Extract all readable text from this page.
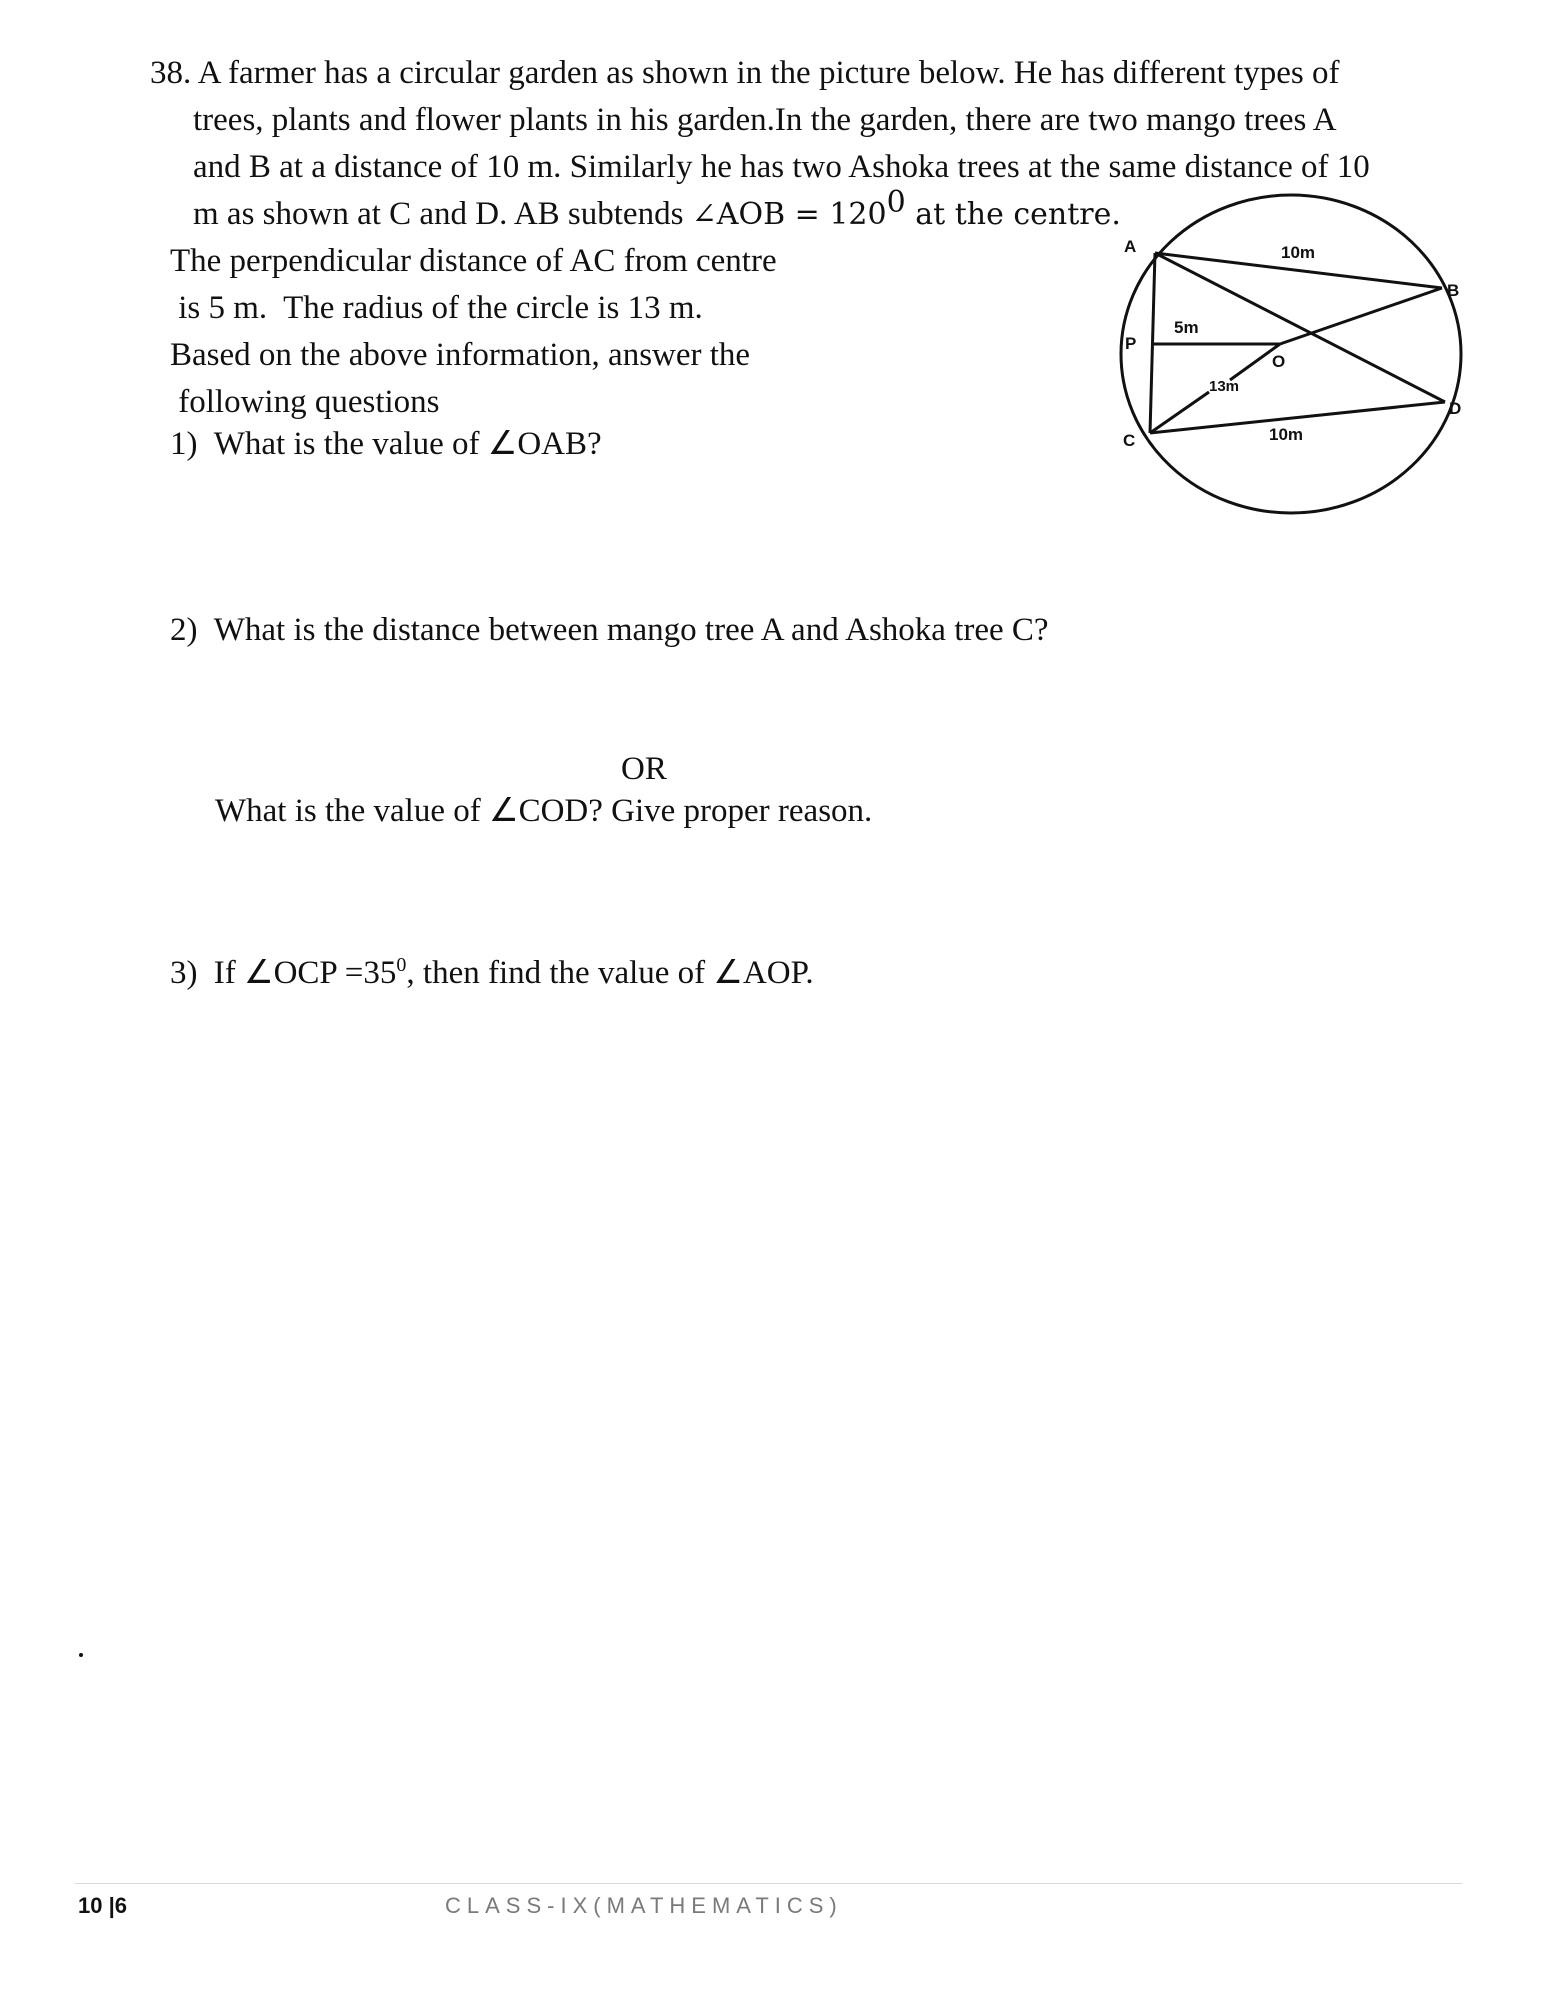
38. A farmer has a circular garden as shown in the picture below. He has different types of
trees, plants and flower plants in his garden.In the garden, there are two mango trees A
and B at a distance of 10 m. Similarly he has two Ashoka trees at the same distance of 10
m as shown at C and D. AB subtends ∠AOB = 1200 at the centre.
The perpendicular distance of AC from centre
is 5 m.  The radius of the circle is 13 m.
Based on the above information, answer the
following questions
1) What is the value of ∠OAB?
2) What is the distance between mango tree A and Ashoka tree C?
OR
What is the value of ∠COD? Give proper reason.
3) If ∠OCP $=35^0$, then find the value of ∠AOP.
A
B
C
D
O
P
10m
10m
5m
13m
10 |6	CLASS-IX(MATHEMATICS)
